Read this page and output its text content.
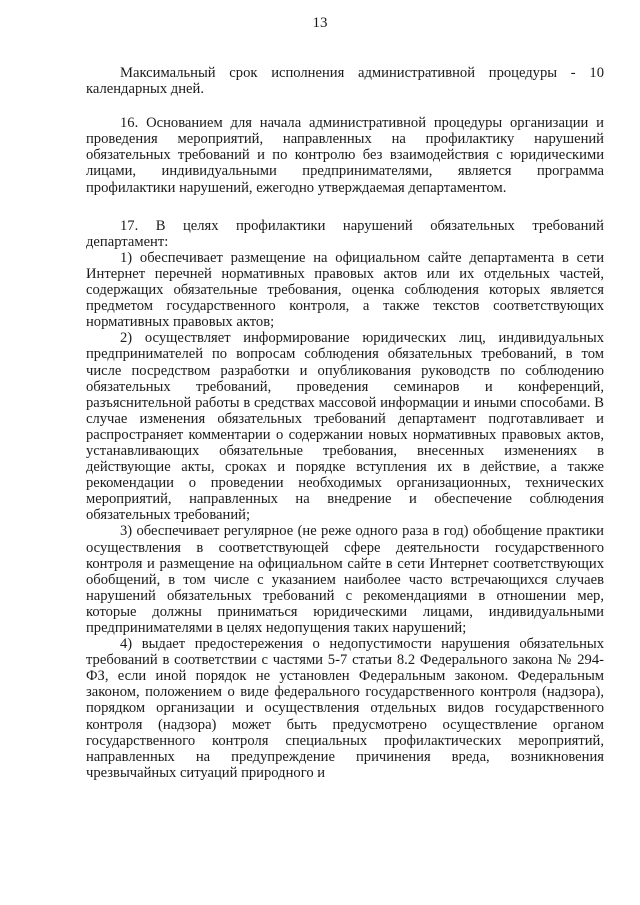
13

Максимальный срок исполнения административной процедуры - 10 календарных дней.

16. Основанием для начала административной процедуры организации и проведения мероприятий, направленных на профилактику нарушений обязательных требований и по контролю без взаимодействия с юридическими лицами, индивидуальными предпринимателями, является программа профилактики нарушений, ежегодно утверждаемая департаментом.

17. В целях профилактики нарушений обязательных требований департамент:

1) обеспечивает размещение на официальном сайте департамента в сети Интернет перечней нормативных правовых актов или их отдельных частей, содержащих обязательные требования, оценка соблюдения которых является предметом государственного контроля, а также текстов соответствующих нормативных правовых актов;

2) осуществляет информирование юридических лиц, индивидуальных предпринимателей по вопросам соблюдения обязательных требований, в том числе посредством разработки и опубликования руководств по соблюдению обязательных требований, проведения семинаров и конференций, разъяснительной работы в средствах массовой информации и иными способами. В случае изменения обязательных требований департамент подготавливает и распространяет комментарии о содержании новых нормативных правовых актов, устанавливающих обязательные требования, внесенных изменениях в действующие акты, сроках и порядке вступления их в действие, а также рекомендации о проведении необходимых организационных, технических мероприятий, направленных на внедрение и обеспечение соблюдения обязательных требований;

3) обеспечивает регулярное (не реже одного раза в год) обобщение практики осуществления в соответствующей сфере деятельности государственного контроля и размещение на официальном сайте в сети Интернет соответствующих обобщений, в том числе с указанием наиболее часто встречающихся случаев нарушений обязательных требований с рекомендациями в отношении мер, которые должны приниматься юридическими лицами, индивидуальными предпринимателями в целях недопущения таких нарушений;

4) выдает предостережения о недопустимости нарушения обязательных требований в соответствии с частями 5-7 статьи 8.2 Федерального закона № 294-ФЗ, если иной порядок не установлен Федеральным законом. Федеральным законом, положением о виде федерального государственного контроля (надзора), порядком организации и осуществления отдельных видов государственного контроля (надзора) может быть предусмотрено осуществление органом государственного контроля специальных профилактических мероприятий, направленных на предупреждение причинения вреда, возникновения чрезвычайных ситуаций природного и
